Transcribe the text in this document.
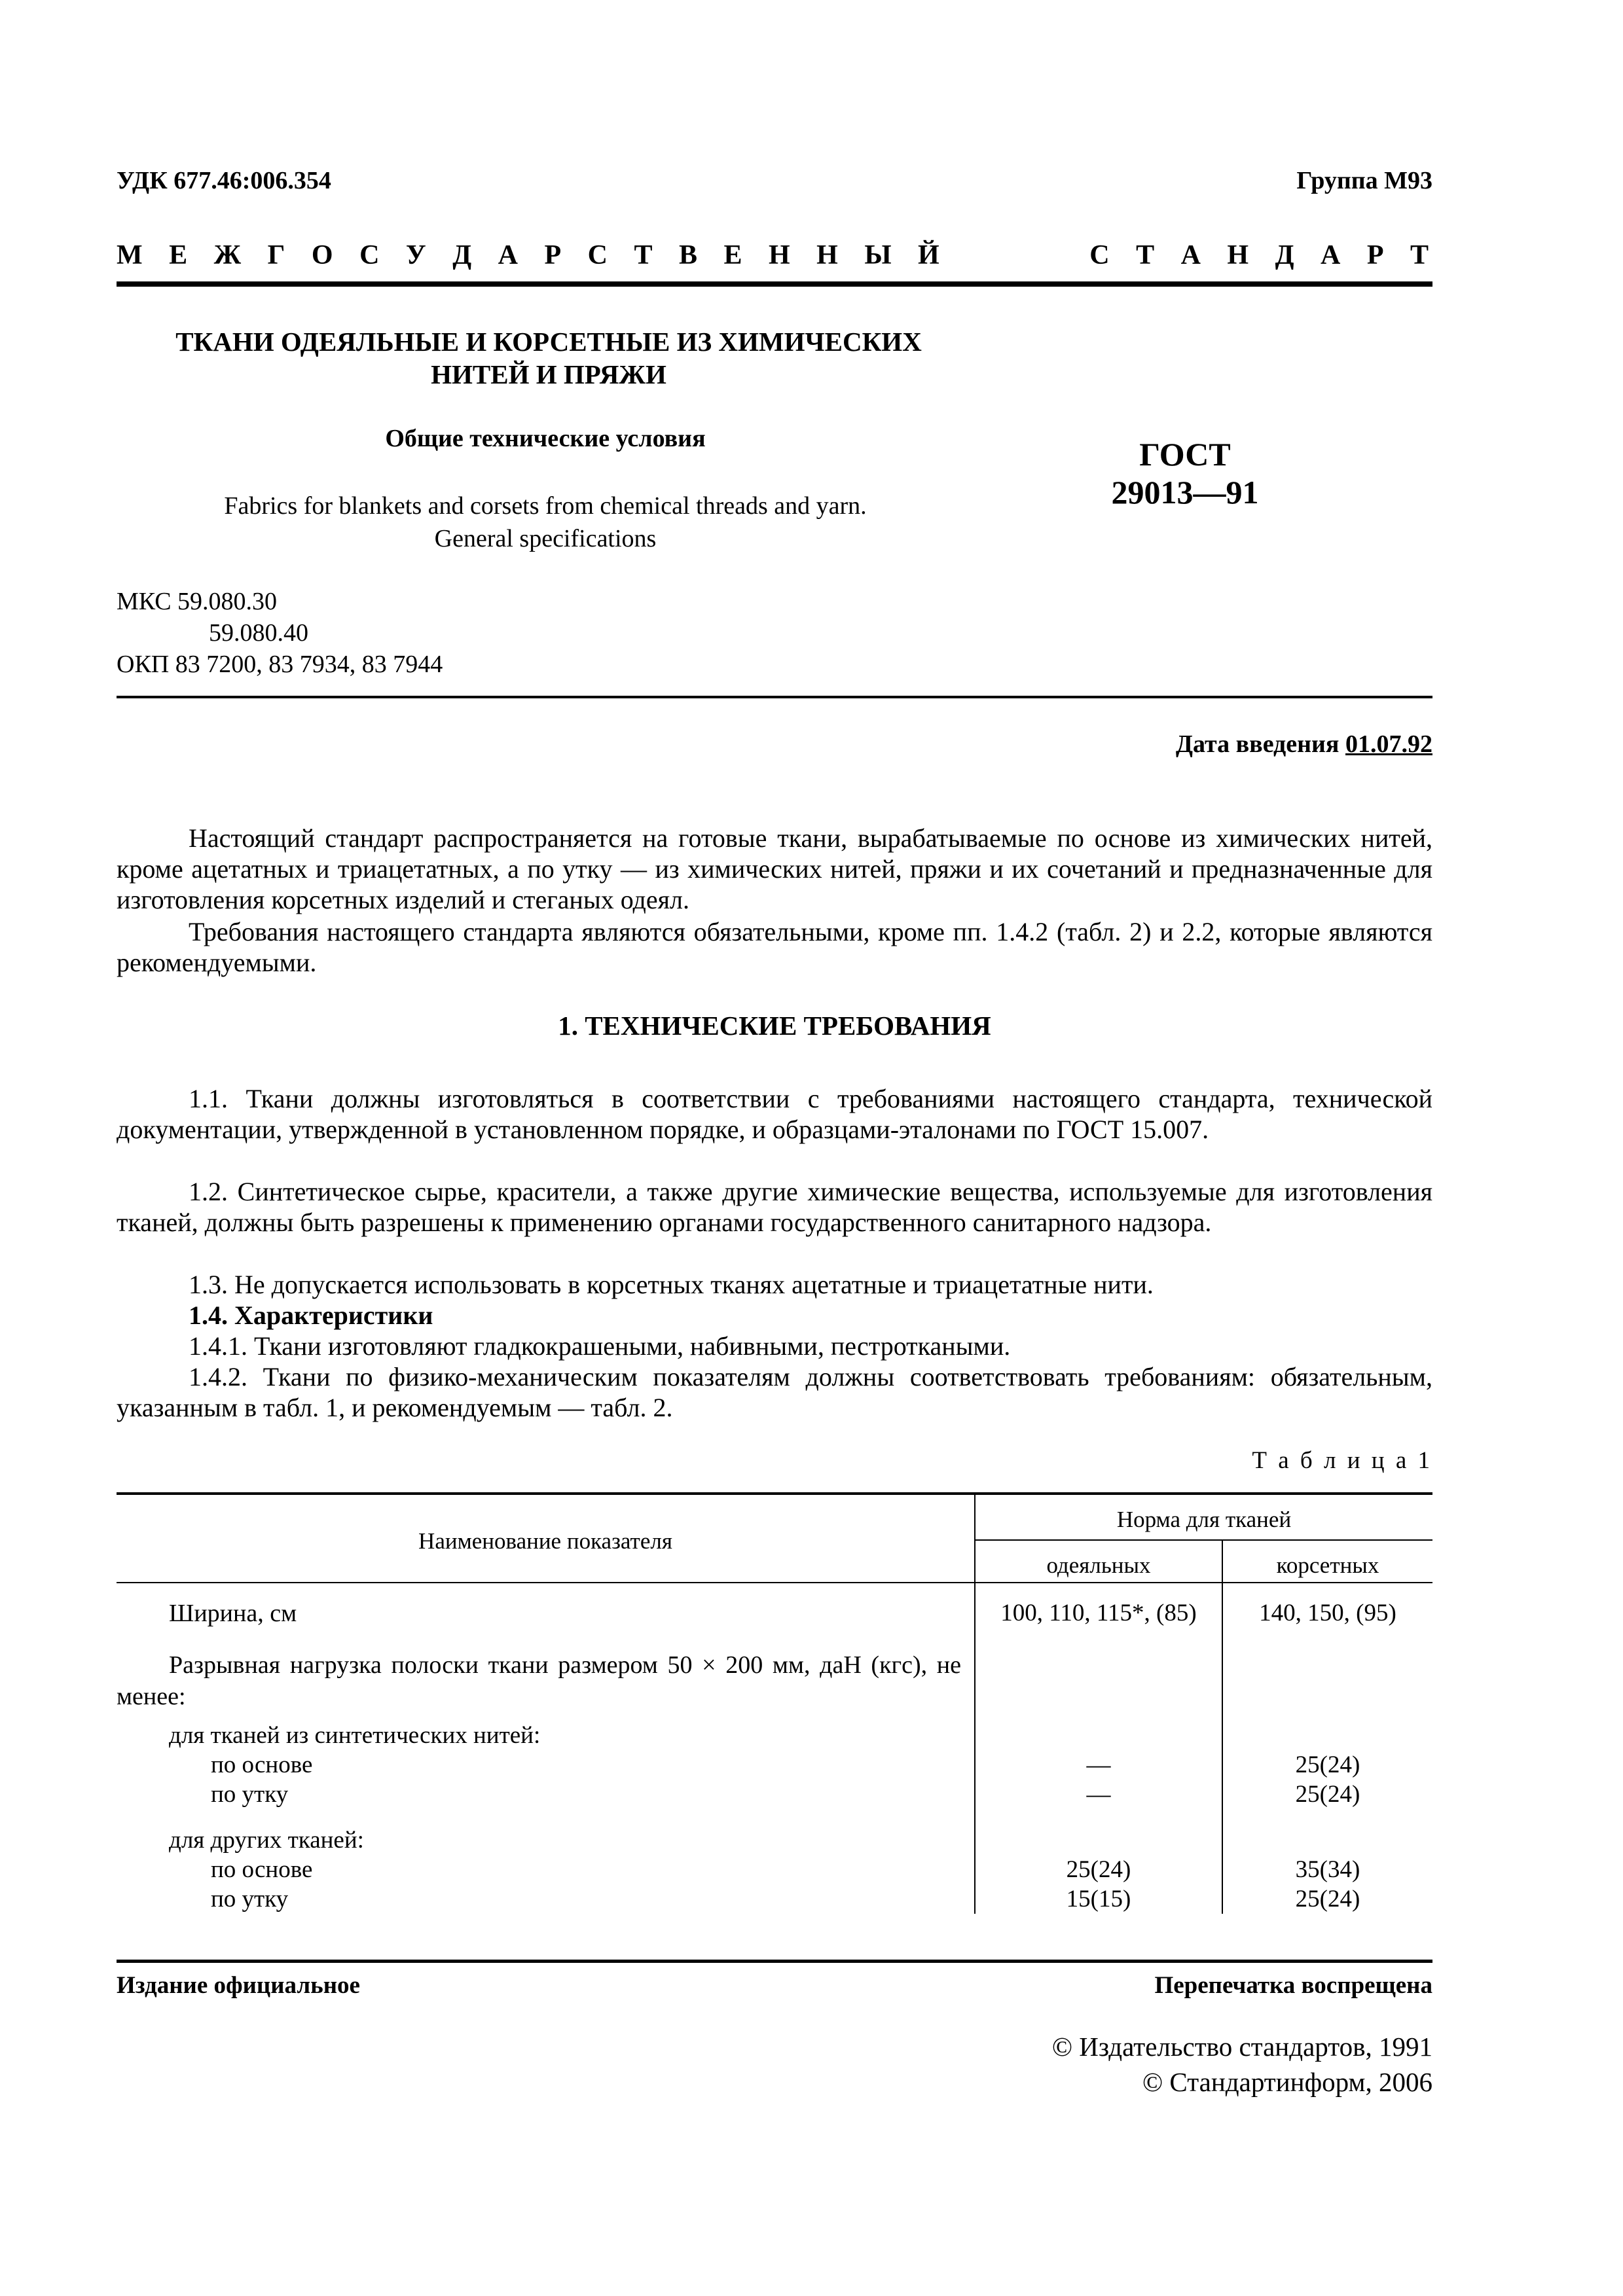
УДК 677.46:006.354	Группа М93
М Е Ж Г О С У Д А Р С Т В Е Н Н Ы Й	С Т А Н Д А Р Т
ТКАНИ ОДЕЯЛЬНЫЕ И КОРСЕТНЫЕ ИЗ ХИМИЧЕСКИХ
НИТЕЙ И ПРЯЖИ
Общие технические условия
Fabrics for blankets and corsets from chemical threads and yarn.
General specifications
ГОСТ
29013—91
МКС 59.080.30
59.080.40
ОКП 83 7200, 83 7934, 83 7944
Дата введения 01.07.92
Настоящий стандарт распространяется на готовые ткани, вырабатываемые по основе из химических нитей, кроме ацетатных и триацетатных, а по утку — из химических нитей, пряжи и их сочетаний и предназначенные для изготовления корсетных изделий и стеганых одеял.
Требования настоящего стандарта являются обязательными, кроме пп. 1.4.2 (табл. 2) и 2.2, которые являются рекомендуемыми.
1. ТЕХНИЧЕСКИЕ ТРЕБОВАНИЯ
1.1. Ткани должны изготовляться в соответствии с требованиями настоящего стандарта, технической документации, утвержденной в установленном порядке, и образцами-эталонами по ГОСТ 15.007.
1.2. Синтетическое сырье, красители, а также другие химические вещества, используемые для изготовления тканей, должны быть разрешены к применению органами государственного санитарного надзора.
1.3. Не допускается использовать в корсетных тканях ацетатные и триацетатные нити.
1.4. Характеристики
1.4.1. Ткани изготовляют гладкокрашеными, набивными, пестроткаными.
1.4.2. Ткани по физико-механическим показателям должны соответствовать требованиям: обязательным, указанным в табл. 1, и рекомендуемым — табл. 2.
Т а б л и ц а 1
Наименование показателя
Норма для тканей
одеяльных	корсетных
Ширина, см	100, 110, 115*, (85)	140, 150, (95)
Разрывная нагрузка полоски ткани размером 50 × 200 мм, даН (кгс), не менее:
для тканей из синтетических нитей:
по основе	—	25(24)
по утку	—	25(24)
для других тканей:
по основе	25(24)	35(34)
по утку	15(15)	25(24)
Издание официальное	Перепечатка воспрещена
© Издательство стандартов, 1991
© Стандартинформ, 2006
